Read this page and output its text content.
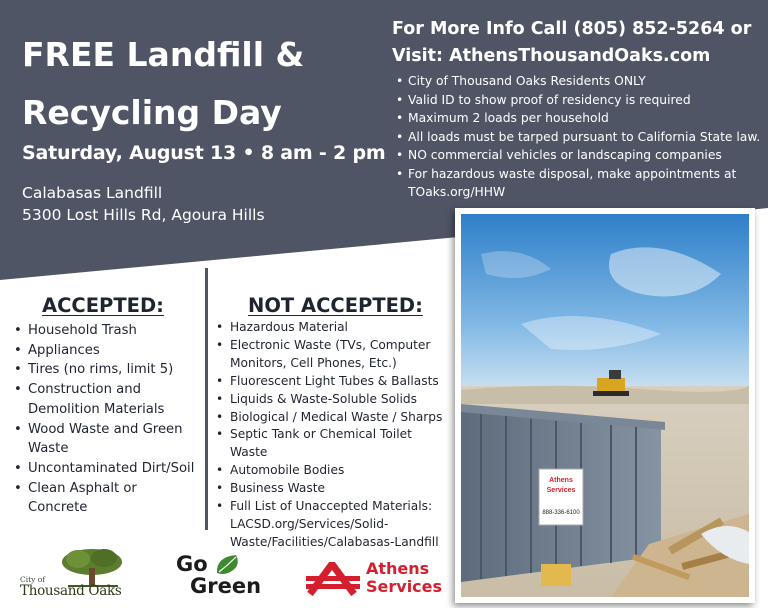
FREE Landfill &
Recycling Day
Saturday, August 13 • 8 am - 2 pm
Calabasas Landfill
5300 Lost Hills Rd, Agoura Hills
For More Info Call (805) 852-5264 or
Visit: AthensThousandOaks.com
• City of Thousand Oaks Residents ONLY
• Valid ID to show proof of residency is required
• Maximum 2 loads per household
• All loads must be tarped pursuant to California State law.
• NO commercial vehicles or landscaping companies
• For hazardous waste disposal, make appointments at TOaks.org/HHW
ACCEPTED:
• Household Trash
• Appliances
• Tires (no rims, limit 5)
• Construction and Demolition Materials
• Wood Waste and Green Waste
• Uncontaminated Dirt/Soil
• Clean Asphalt or Concrete
NOT ACCEPTED:
• Hazardous Material
• Electronic Waste (TVs, Computer Monitors, Cell Phones, Etc.)
• Fluorescent Light Tubes & Ballasts
• Liquids & Waste-Soluble Solids
• Biological / Medical Waste / Sharps
• Septic Tank or Chemical Toilet Waste
• Automobile Bodies
• Business Waste
• Full List of Unaccepted Materials: LACSD.org/Services/Solid-Waste/Facilities/Calabasas-Landfill
Athens
Services
888-336-6100
City of
Thousand Oaks
Go
Green
Athens
Services
